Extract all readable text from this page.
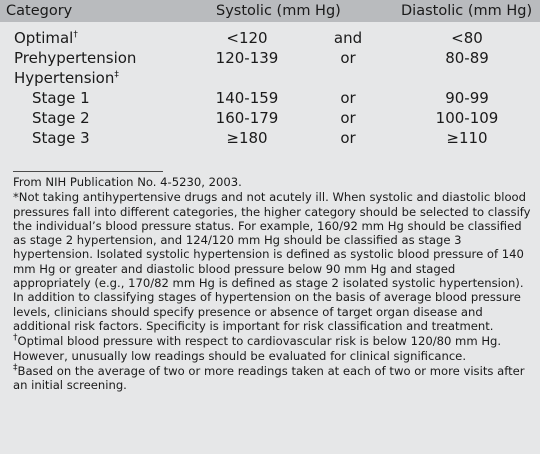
Category	Systolic (mm Hg)	Diastolic (mm Hg)
Optimal†	<120	and	<80
Prehypertension	120-139	or	80-89
Hypertension‡
Stage 1	140-159	or	90-99
Stage 2	160-179	or	100-109
Stage 3	≥180	or	≥110
From NIH Publication No. 4-5230, 2003.
*Not taking antihypertensive drugs and not acutely ill. When systolic and diastolic blood pressures fall into different categories, the higher category should be selected to classify the individual’s blood pressure status. For example, 160/92 mm Hg should be classified as stage 2 hypertension, and 124/120 mm Hg should be classified as stage 3 hypertension. Isolated systolic hypertension is defined as systolic blood pressure of 140 mm Hg or greater and diastolic blood pressure below 90 mm Hg and staged appropriately (e.g., 170/82 mm Hg is defined as stage 2 isolated systolic hypertension). In addition to classifying stages of hypertension on the basis of average blood pressure levels, clinicians should specify presence or absence of target organ disease and additional risk factors. Specificity is important for risk classification and treatment.
†Optimal blood pressure with respect to cardiovascular risk is below 120/80 mm Hg. However, unusually low readings should be evaluated for clinical significance.
‡Based on the average of two or more readings taken at each of two or more visits after an initial screening.
